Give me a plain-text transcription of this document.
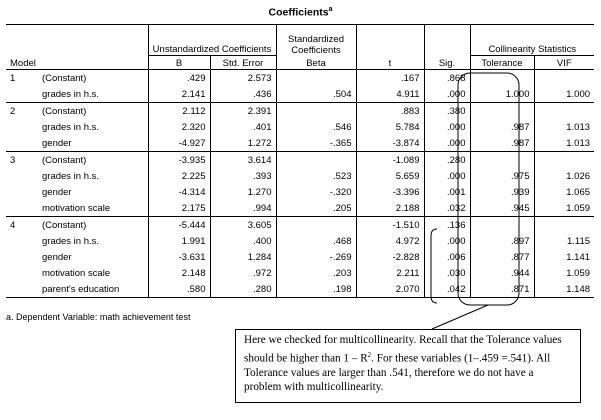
Coefficients$^a$
		Unstandardized Coefficients		Standardized
Coefficients			Collinearity Statistics	
Model		B	Std. Error	Beta	t	Sig.	Tolerance	VIF
1	(Constant)	.429	2.573		.167	.868		
	grades in h.s.	2.141	.436	.504	4.911	.000	1.000	1.000
2	(Constant)	2.112	2.391		.883	.380		
	grades in h.s.	2.320	.401	.546	5.784	.000	.987	1.013
	gender	-4.927	1.272	-.365	-3.874	.000	.987	1.013
3	(Constant)	-3.935	3.614		-1.089	.280		
	grades in h.s.	2.225	.393	.523	5.659	.000	.975	1.026
	gender	-4.314	1.270	-.320	-3.396	.001	.939	1.065
	motivation scale	2.175	.994	.205	2.188	.032	.945	1.059
4	(Constant)	-5.444	3.605		-1.510	.136		
	grades in h.s.	1.991	.400	.468	4.972	.000	.897	1.115
	gender	-3.631	1.284	-.269	-2.828	.006	.877	1.141
	motivation scale	2.148	.972	.203	2.211	.030	.944	1.059
	parent's education	.580	.280	.198	2.070	.042	.871	1.148
a. Dependent Variable: math achievement test
Here we checked for multicollinearity. Recall that the Tolerance values should be higher than $1 - R^2$. For these variables (1–.459 =.541). All Tolerance values are larger than .541, therefore we do not have a problem with multicollinearity.
